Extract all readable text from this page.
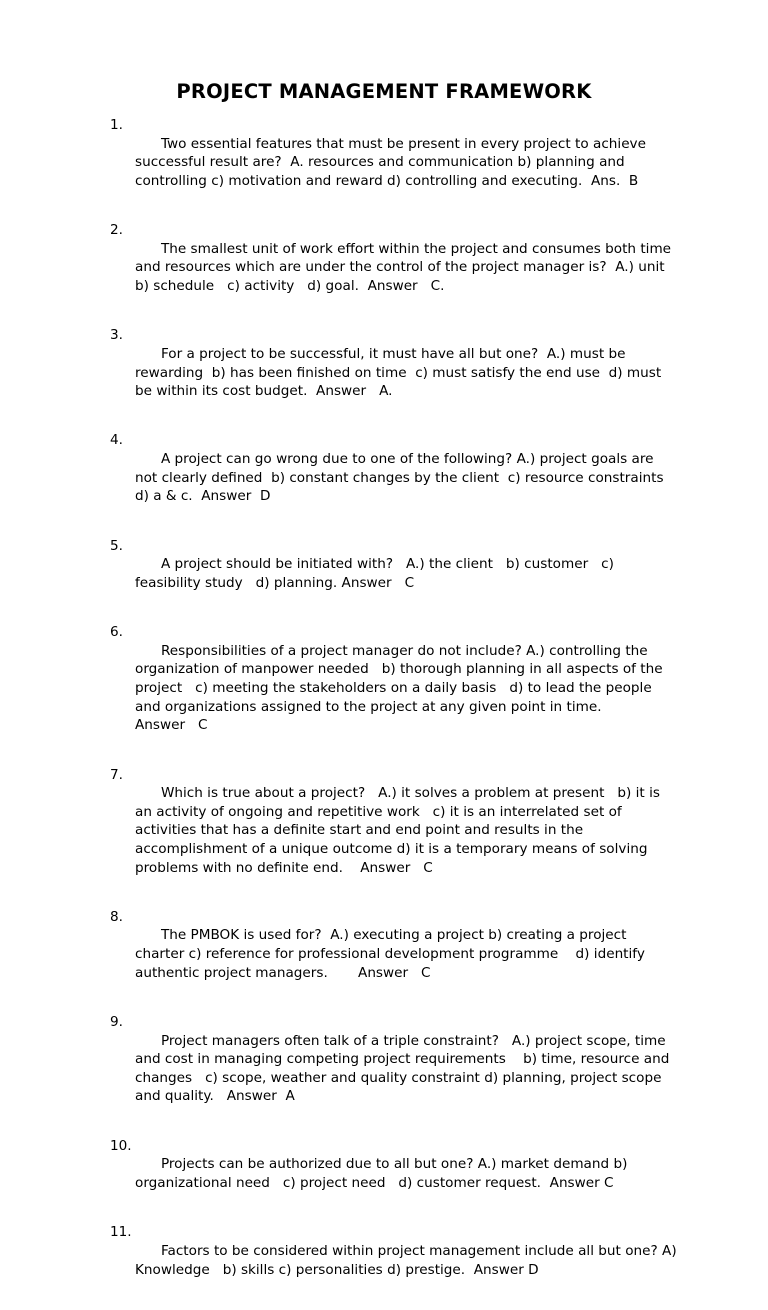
PROJECT MANAGEMENT FRAMEWORK

1.
Two essential features that must be present in every project to achieve successful result are?  A. resources and communication b) planning and controlling c) motivation and reward d) controlling and executing.  Ans.  B

2.
The smallest unit of work effort within the project and consumes both time and resources which are under the control of the project manager is?  A.) unit b) schedule   c) activity   d) goal.  Answer   C.

3.
For a project to be successful, it must have all but one?  A.) must be rewarding  b) has been finished on time  c) must satisfy the end use  d) must be within its cost budget.  Answer   A.

4.
A project can go wrong due to one of the following? A.) project goals are not clearly defined  b) constant changes by the client  c) resource constraints  d) a & c.  Answer  D

5.
A project should be initiated with?   A.) the client   b) customer   c) feasibility study   d) planning. Answer   C

6.
Responsibilities of a project manager do not include? A.) controlling the organization of manpower needed   b) thorough planning in all aspects of the project   c) meeting the stakeholders on a daily basis   d) to lead the people and organizations assigned to the project at any given point in time.
Answer   C

7.
Which is true about a project?   A.) it solves a problem at present   b) it is an activity of ongoing and repetitive work   c) it is an interrelated set of activities that has a definite start and end point and results in the accomplishment of a unique outcome d) it is a temporary means of solving problems with no definite end.    Answer   C

8.
The PMBOK is used for?  A.) executing a project b) creating a project charter c) reference for professional development programme    d) identify authentic project managers.       Answer   C

9.
Project managers often talk of a triple constraint?   A.) project scope, time and cost in managing competing project requirements    b) time, resource and changes   c) scope, weather and quality constraint d) planning, project scope and quality.   Answer  A

10.
Projects can be authorized due to all but one? A.) market demand b) organizational need   c) project need   d) customer request.  Answer C

11.
Factors to be considered within project management include all but one? A) Knowledge   b) skills c) personalities d) prestige.  Answer D
